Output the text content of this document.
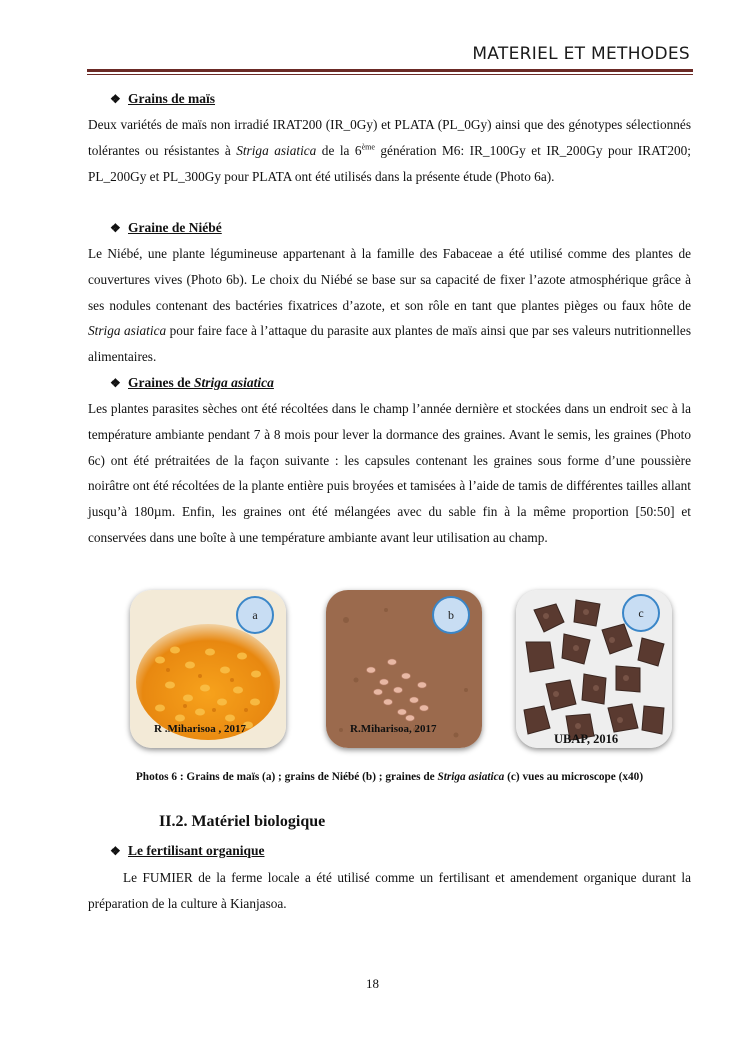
MATERIEL ET METHODES
❖ Grains de maïs

Deux variétés de maïs non irradié IRAT200 (IR_0Gy) et PLATA (PL_0Gy) ainsi que des génotypes sélectionnés tolérantes ou résistantes à Striga asiatica de la 6ème génération M6: IR_100Gy et IR_200Gy pour IRAT200; PL_200Gy et PL_300Gy pour PLATA ont été utilisés dans la présente étude (Photo 6a).

❖ Graine de Niébé

Le Niébé, une plante légumineuse appartenant à la famille des Fabaceae a été utilisé comme des plantes de couvertures vives (Photo 6b). Le choix du Niébé se base sur sa capacité de fixer l’azote atmosphérique grâce à ses nodules contenant des bactéries fixatrices d’azote, et son rôle en tant que plantes pièges ou faux hôte de Striga asiatica pour faire face à l’attaque du parasite aux plantes de maïs ainsi que par ses valeurs nutritionnelles alimentaires.

❖ Graines de Striga asiatica

Les plantes parasites sèches ont été récoltées dans le champ l’année dernière et stockées dans un endroit sec à la température ambiante pendant 7 à 8 mois pour lever la dormance des graines. Avant le semis, les graines (Photo 6c) ont été prétraitées de la façon suivante : les capsules contenant les graines sous forme d’une poussière noirâtre ont été récoltées de la plante entière puis broyées et tamisées à l’aide de tamis de différentes tailles allant jusqu’à 180µm. Enfin, les graines ont été mélangées avec du sable fin à la même proportion [50:50] et conservées dans une boîte à une température ambiante avant leur utilisation au champ.

a
R .Miharisoa , 2017
b
R.Miharisoa, 2017
c
UBAP, 2016
Photos 6 : Grains de maïs (a) ; grains de Niébé (b) ; graines de Striga asiatica (c) vues au microscope (x40)
II.2. Matériel biologique
❖ Le fertilisant organique

Le FUMIER de la ferme locale a été utilisé comme un fertilisant et amendement organique durant la préparation de la culture à Kianjasoa.

18
